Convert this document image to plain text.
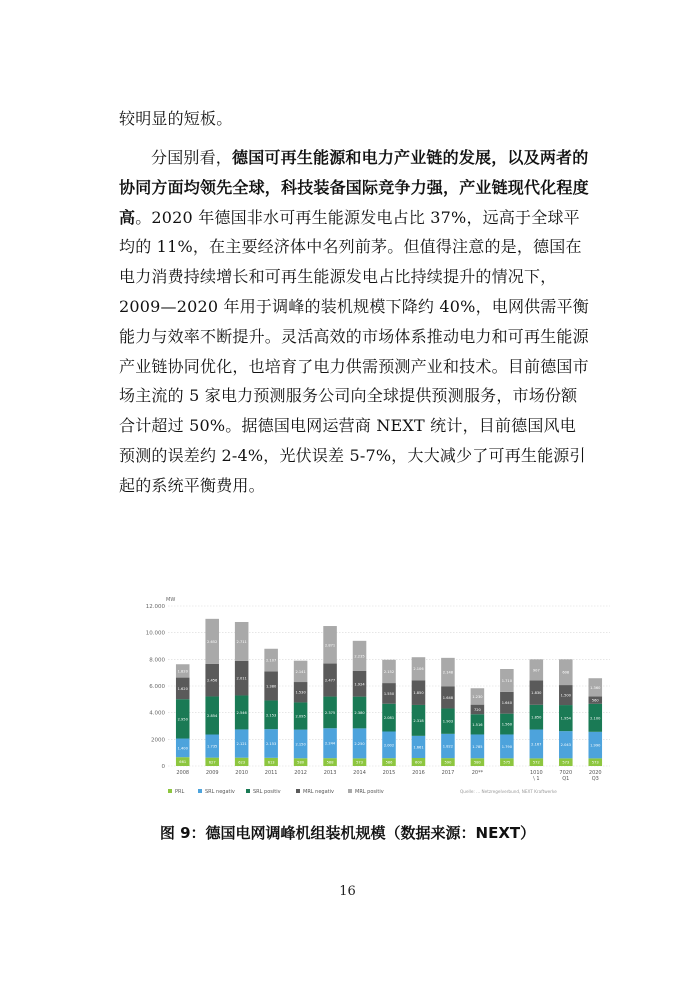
较明显的短板。
分国别看，德国可再生能源和电力产业链的发展，以及两者的协同方面均领先全球，科技装备国际竞争力强，产业链现代化程度高。2020 年德国非水可再生能源发电占比 37%，远高于全球平均的 11%，在主要经济体中名列前茅。但值得注意的是，德国在电力消费持续增长和可再生能源发电占比持续提升的情况下，2009—2020 年用于调峰的装机规模下降约 40%，电网供需平衡能力与效率不断提升。灵活高效的市场体系推动电力和可再生能源产业链协同优化，也培育了电力供需预测产业和技术。目前德国市场主流的 5 家电力预测服务公司向全球提供预测服务，市场份额合计超过 50%。据德国电网运营商 NEXT 统计，目前德国风电预测的误差约 2-4%，光伏误差 5-7%，大大减少了可再生能源引起的系统平衡费用。
MW
12.000
10.000
8.000
6.000
4.000
2000
0
661
1.400
2.950
1.620
1.820
2008
627
1.735
2.854
2.456
2.652
2009
623
2.121
2.546
2.011
2.711
2010
613
2.153
2.153
1.380
2.107
2011
580
2.150
2.095
1.530
2.141
2012
588
2.244
2.375
2.477
2.871
2013
573
2.250
2.380
1.924
2.235
2014
586
2.002
2.081
1.550
2.152
2015
600
1.661
2.318
1.850
2.106
2016
590
1.822
1.903
1.648
2.148
2017
580
1.785
1.516
720
1.230
20**
575
1.790
1.560
1.640
1.710
572
2.167
1.850
1.830
907
1010
\ 1
573
2.043
1.954
1.500
608
7020
Q1
573
1.990
2.100
560
1.360
2020
Q3
PRL	SRL negativ	SRL positiv	MRL negativ	MRL positiv	Quelle: ... Netzregelverbund, NEXT Kraftwerke
图 9：德国电网调峰机组装机规模（数据来源：NEXT）
16
